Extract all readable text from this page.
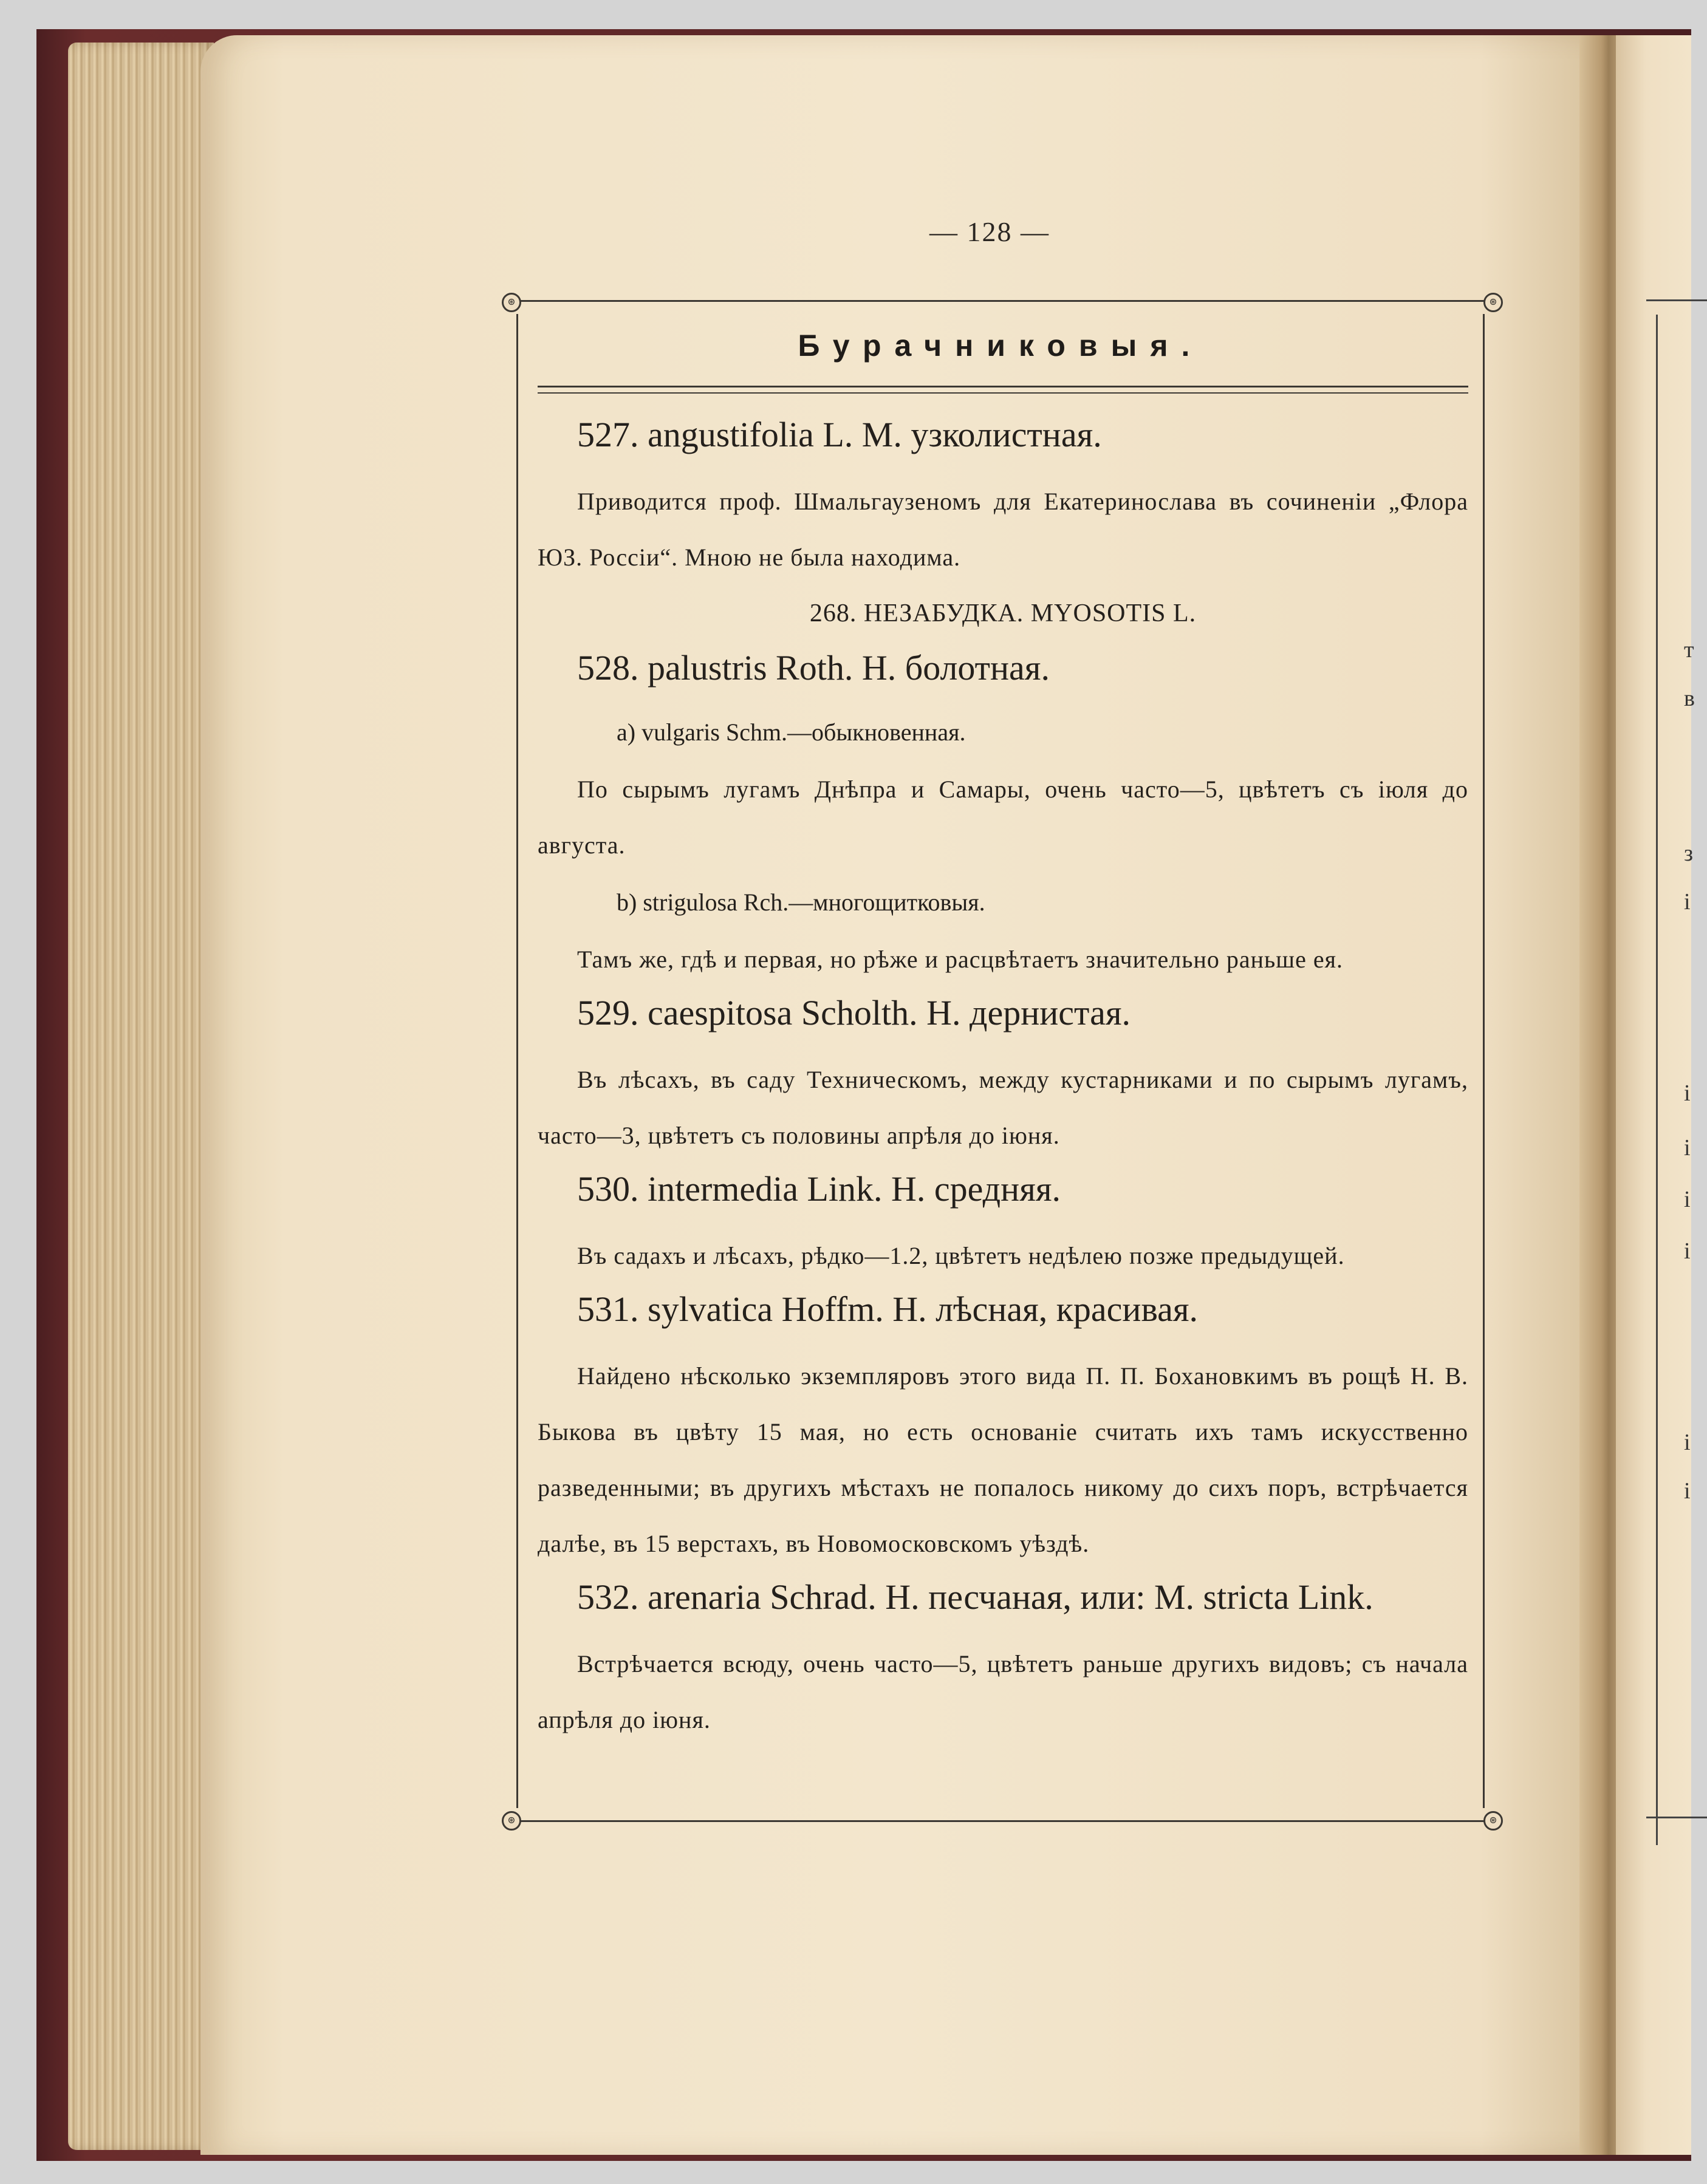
т
в
з
і
і
і
і
і
і
і
— 128 —
⊛	⊛
⊛	⊛
Бурачниковыя.
527. angustifolia L. M. узколистная.
Приводится проф. Шмальгаузеномъ для Екатеринослава въ сочиненіи „Флора ЮЗ. Россіи“. Мною не была находима.
268. НЕЗАБУДКА. MYOSOTIS L.
528. palustris Roth. Н. болотная.
a) vulgaris Schm.—обыкновенная.
По сырымъ лугамъ Днѣпра и Самары, очень часто—5, цвѣтетъ съ іюля до августа.
b) strigulosa Rch.—многощитковыя.
Тамъ же, гдѣ и первая, но рѣже и расцвѣтаетъ значительно раньше ея.
529. caespitosa Scholth. Н. дернистая.
Въ лѣсахъ, въ саду Техническомъ, между кустарниками и по сырымъ лугамъ, часто—3, цвѣтетъ съ половины апрѣля до іюня.
530. intermedia Link. Н. средняя.
Въ садахъ и лѣсахъ, рѣдко—1.2, цвѣтетъ недѣлею позже предыдущей.
531. sylvatica Hoffm. Н. лѣсная, красивая.
Найдено нѣсколько экземпляровъ этого вида П. П. Бохановкимъ въ рощѣ Н. В. Быкова въ цвѣту 15 мая, но есть основаніе считать ихъ тамъ искусственно разведенными; въ другихъ мѣстахъ не попалось никому до сихъ поръ, встрѣчается далѣе, въ 15 верстахъ, въ Новомосковскомъ уѣздѣ.
532. arenaria Schrad. Н. песчаная, или: M. stricta Link.
Встрѣчается всюду, очень часто—5, цвѣтетъ раньше другихъ видовъ; съ начала апрѣля до іюня.
